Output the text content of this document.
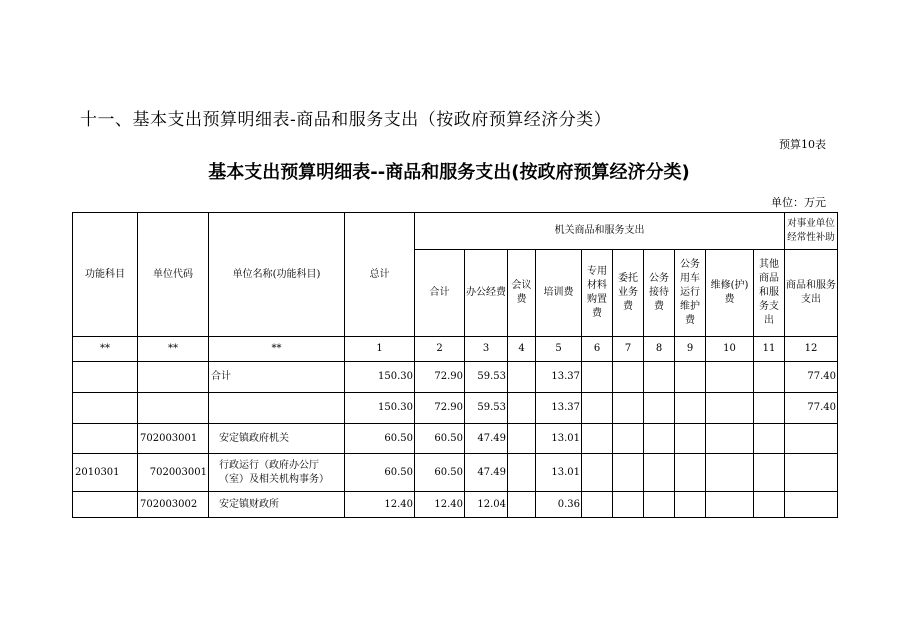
十一、基本支出预算明细表-商品和服务支出（按政府预算经济分类）
预算10表
基本支出预算明细表--商品和服务支出(按政府预算经济分类)
单位：万元
功能科目	单位代码	单位名称(功能科目)	总计	机关商品和服务支出										对事业单位经常性补助
				合计	办公经费	会议费	培训费	专用材料购置费	委托业务费	公务接待费	公务用车运行维护费	维修(护)费	其他商品和服务支出	商品和服务支出
**	**	**	1	2	3	4	5	6	7	8	9	10	11	12
		合计	150.30	72.90	59.53		13.37							77.40
			150.30	72.90	59.53		13.37							77.40
	702003001	安定镇政府机关	60.50	60.50	47.49		13.01							
2010301	702003001	行政运行（政府办公厅（室）及相关机构事务）	60.50	60.50	47.49		13.01							
	702003002	安定镇财政所	12.40	12.40	12.04		0.36							
